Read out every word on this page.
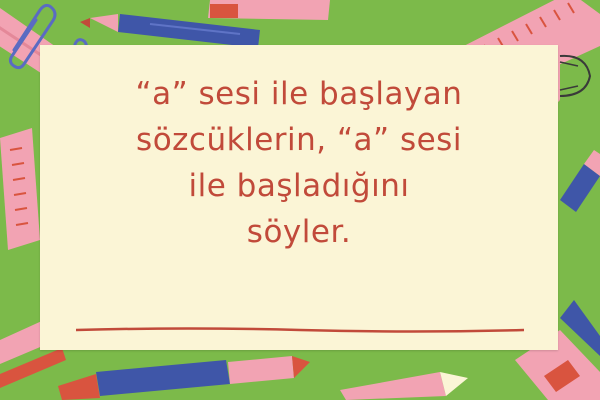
“a” sesi ile başlayan
sözcüklerin, “a” sesi
ile başladığını
söyler.
